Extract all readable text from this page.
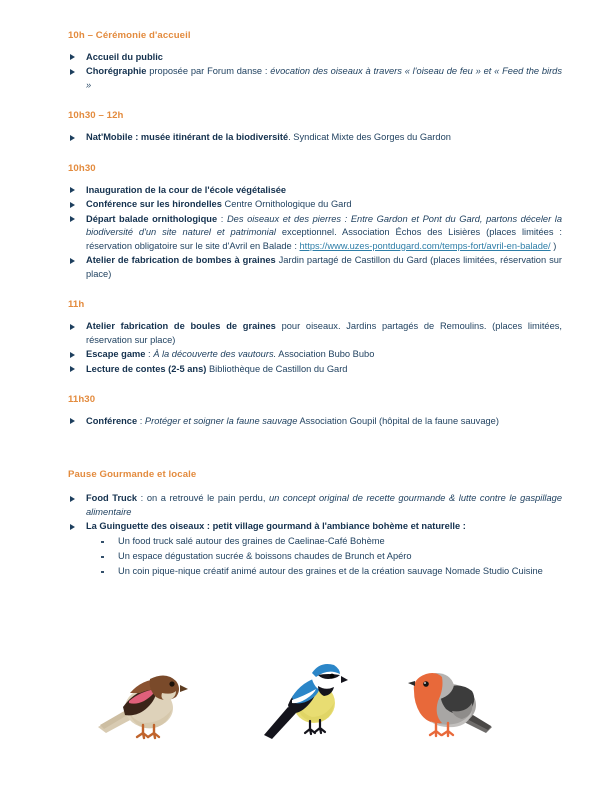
10h – Cérémonie d'accueil
Accueil du public
Chorégraphie proposée par Forum danse : évocation des oiseaux à travers « l'oiseau de feu » et « Feed the birds »
10h30 – 12h
Nat'Mobile : musée itinérant de la biodiversité. Syndicat Mixte des Gorges du Gardon
10h30
Inauguration de la cour de l'école végétalisée
Conférence sur les hirondelles Centre Ornithologique du Gard
Départ balade ornithologique : Des oiseaux et des pierres : Entre Gardon et Pont du Gard, partons déceler la biodiversité d'un site naturel et patrimonial exceptionnel. Association Échos des Lisières (places limitées : réservation obligatoire sur le site d'Avril en Balade : https://www.uzes-pontdugard.com/temps-fort/avril-en-balade/ )
Atelier de fabrication de bombes à graines Jardin partagé de Castillon du Gard (places limitées, réservation sur place)
11h
Atelier fabrication de boules de graines pour oiseaux. Jardins partagés de Remoulins. (places limitées, réservation sur place)
Escape game : À la découverte des vautours. Association Bubo Bubo
Lecture de contes (2-5 ans) Bibliothèque de Castillon du Gard
11h30
Conférence : Protéger et soigner la faune sauvage Association Goupil (hôpital de la faune sauvage)
Pause Gourmande et locale
Food Truck : on a retrouvé le pain perdu, un concept original de recette gourmande & lutte contre le gaspillage alimentaire
La Guinguette des oiseaux : petit village gourmand à l'ambiance bohème et naturelle :
Un food truck salé autour des graines de Caelinae-Café Bohème
Un espace dégustation sucrée & boissons chaudes de Brunch et Apéro
Un coin pique-nique créatif animé autour des graines et de la création sauvage Nomade Studio Cuisine
